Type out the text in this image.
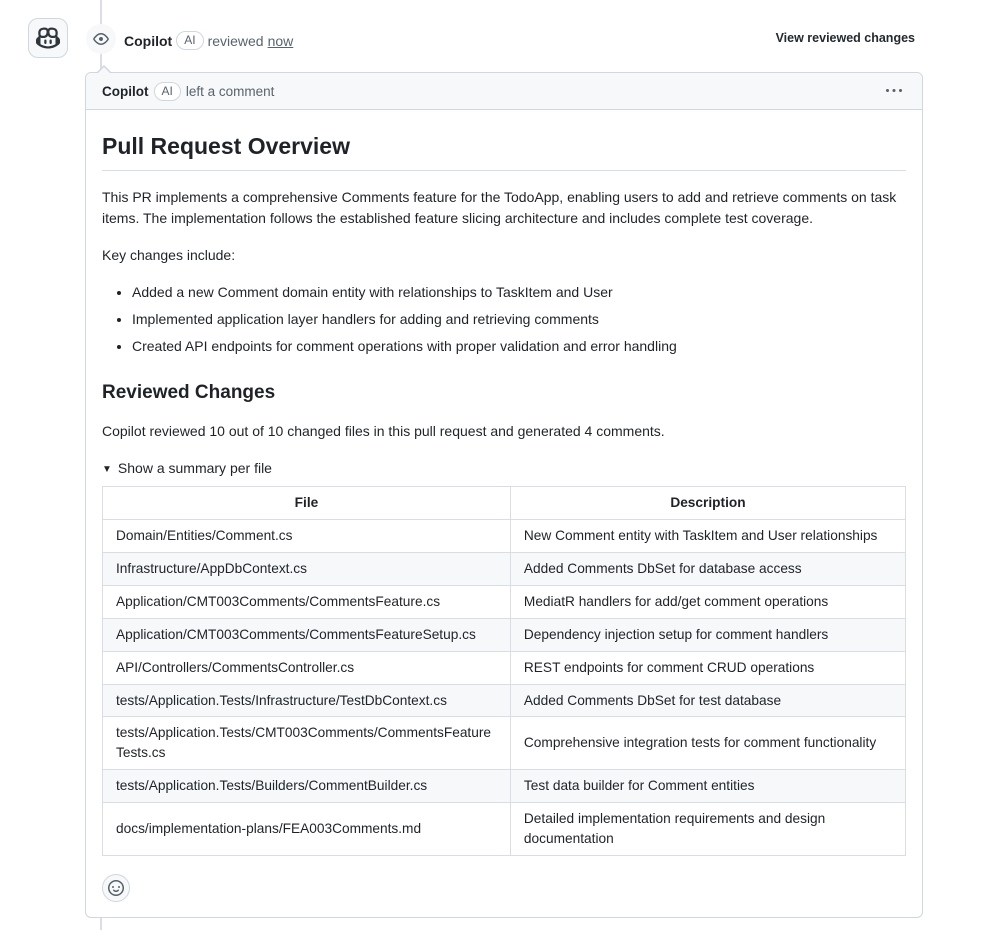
Copilot	AI reviewed now	View reviewed changes
Copilot	AI left a comment
Pull Request Overview

This PR implements a comprehensive Comments feature for the TodoApp, enabling users to add and retrieve comments on task items. The implementation follows the established feature slicing architecture and includes complete test coverage.

Key changes include:

• Added a new Comment domain entity with relationships to TaskItem and User
• Implemented application layer handlers for adding and retrieving comments
• Created API endpoints for comment operations with proper validation and error handling
Reviewed Changes

Copilot reviewed 10 out of 10 changed files in this pull request and generated 4 comments.

▼ Show a summary per file
File	Description
Domain/Entities/Comment.cs	New Comment entity with TaskItem and User relationships
Infrastructure/AppDbContext.cs	Added Comments DbSet for database access
Application/CMT003Comments/CommentsFeature.cs	MediatR handlers for add/get comment operations
Application/CMT003Comments/CommentsFeatureSetup.cs	Dependency injection setup for comment handlers
API/Controllers/CommentsController.cs	REST endpoints for comment CRUD operations
tests/Application.Tests/Infrastructure/TestDbContext.cs	Added Comments DbSet for test database
tests/Application.Tests/CMT003Comments/CommentsFeatureTests.cs	Comprehensive integration tests for comment functionality
tests/Application.Tests/Builders/CommentBuilder.cs	Test data builder for Comment entities
docs/implementation-plans/FEA003Comments.md	Detailed implementation requirements and design documentation
